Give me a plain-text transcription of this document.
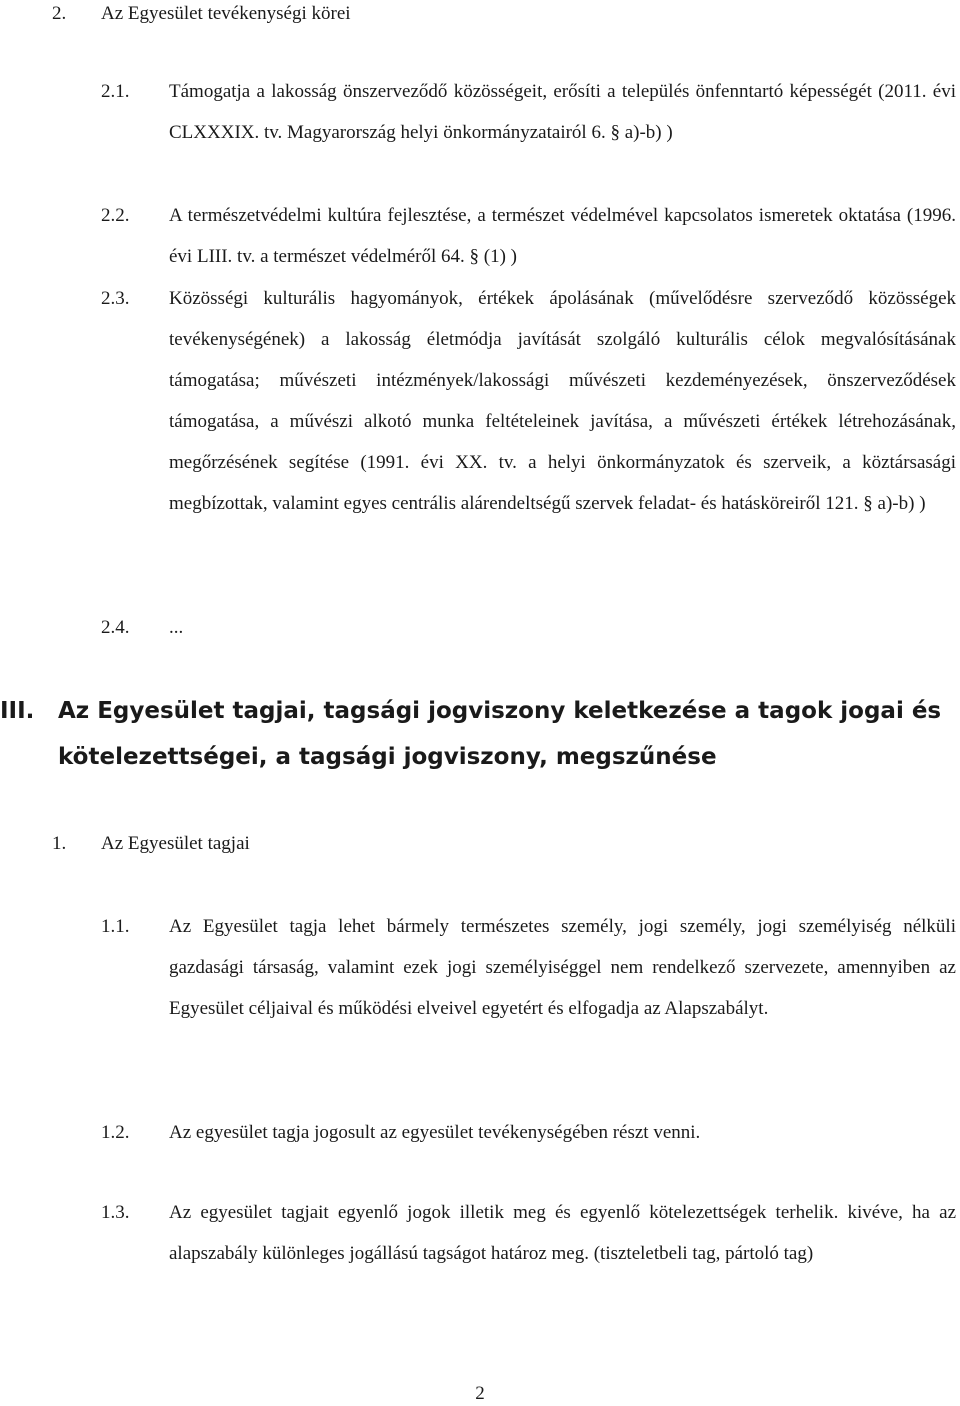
2. Az Egyesület tevékenységi körei
2.1. Támogatja a lakosság önszerveződő közösségeit, erősíti a település önfenntartó képességét (2011. évi CLXXXIX. tv. Magyarország helyi önkormányzatairól 6. § a)-b) )
2.2. A természetvédelmi kultúra fejlesztése, a természet védelmével kapcsolatos ismeretek oktatása (1996. évi LIII. tv. a természet védelméről 64. § (1) )
2.3. Közösségi kulturális hagyományok, értékek ápolásának (művelődésre szerveződő közösségek tevékenységének) a lakosság életmódja javítását szolgáló kulturális célok megvalósításának támogatása; művészeti intézmények/lakossági művészeti kezdeményezések, önszerveződések támogatása, a művészi alkotó munka feltételeinek javítása, a művészeti értékek létrehozásának, megőrzésének segítése (1991. évi XX. tv. a helyi önkormányzatok és szerveik, a köztársasági megbízottak, valamint egyes centrális alárendeltségű szervek feladat- és hatásköreiről 121. § a)-b) )
2.4. ...
III. Az Egyesület tagjai, tagsági jogviszony keletkezése a tagok jogai és kötelezettségei, a tagsági jogviszony, megszűnése
1. Az Egyesület tagjai
1.1. Az Egyesület tagja lehet bármely természetes személy, jogi személy, jogi személyiség nélküli gazdasági társaság, valamint ezek jogi személyiséggel nem rendelkező szervezete, amennyiben az Egyesület céljaival és működési elveivel egyetért és elfogadja az Alapszabályt.
1.2. Az egyesület tagja jogosult az egyesület tevékenységében részt venni.
1.3. Az egyesület tagjait egyenlő jogok illetik meg és egyenlő kötelezettségek terhelik. kivéve, ha az alapszabály különleges jogállású tagságot határoz meg. (tiszteletbeli tag, pártoló tag)
2
